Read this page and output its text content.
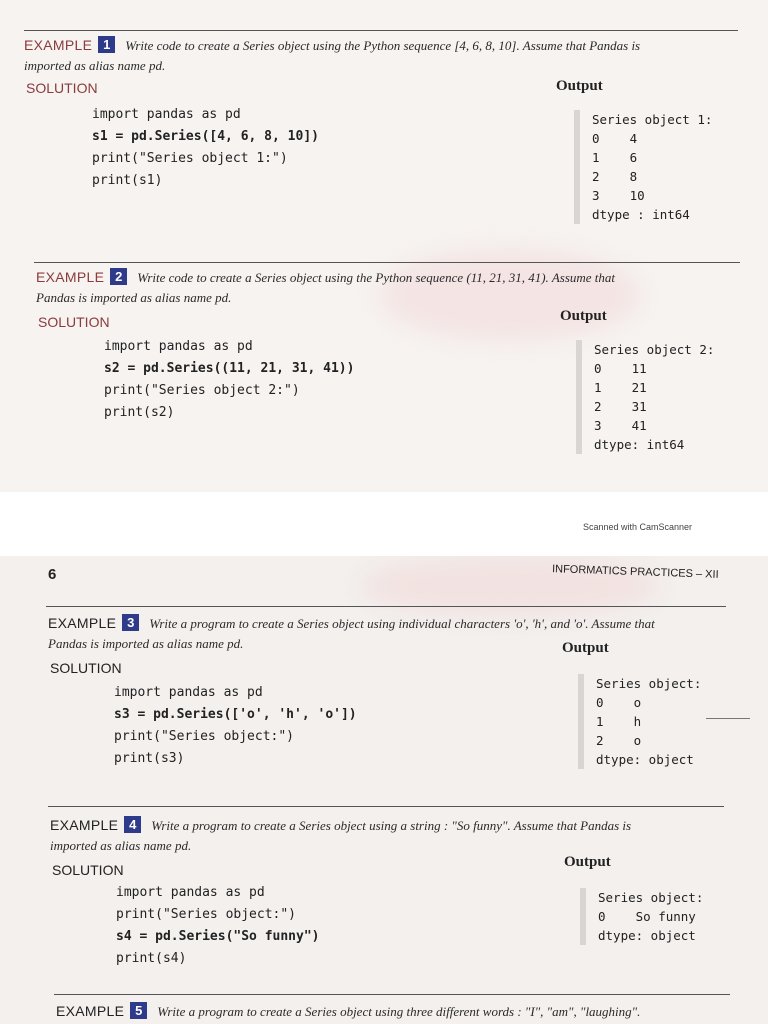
EXAMPLE 1 Write code to create a Series object using the Python sequence [4, 6, 8, 10]. Assume that Pandas is
imported as alias name pd.
SOLUTION	Output
import pandas as pd
s1 = pd.Series([4, 6, 8, 10])
print("Series object 1:")
print(s1)
Series object 1:
0    4
1    6
2    8
3    10
dtype : int64
EXAMPLE 2 Write code to create a Series object using the Python sequence (11, 21, 31, 41). Assume that
Pandas is imported as alias name pd.
SOLUTION	Output
import pandas as pd
s2 = pd.Series((11, 21, 31, 41))
print("Series object 2:")
print(s2)
Series object 2:
0    11
1    21
2    31
3    41
dtype: int64
Scanned with CamScanner
6	INFORMATICS PRACTICES – XII
EXAMPLE 3 Write a program to create a Series object using individual characters 'o', 'h', and 'o'. Assume that
Pandas is imported as alias name pd.
SOLUTION
Output
import pandas as pd
s3 = pd.Series(['o', 'h', 'o'])
print("Series object:")
print(s3)
Series object:
0    o
1    h
2    o
dtype: object
EXAMPLE 4 Write a program to create a Series object using a string : "So funny". Assume that Pandas is
imported as alias name pd.
SOLUTION	Output
import pandas as pd
print("Series object:")
s4 = pd.Series("So funny")
print(s4)
Series object:
0    So funny
dtype: object
EXAMPLE 5 Write a program to create a Series object using three different words : "I", "am", "laughing".
